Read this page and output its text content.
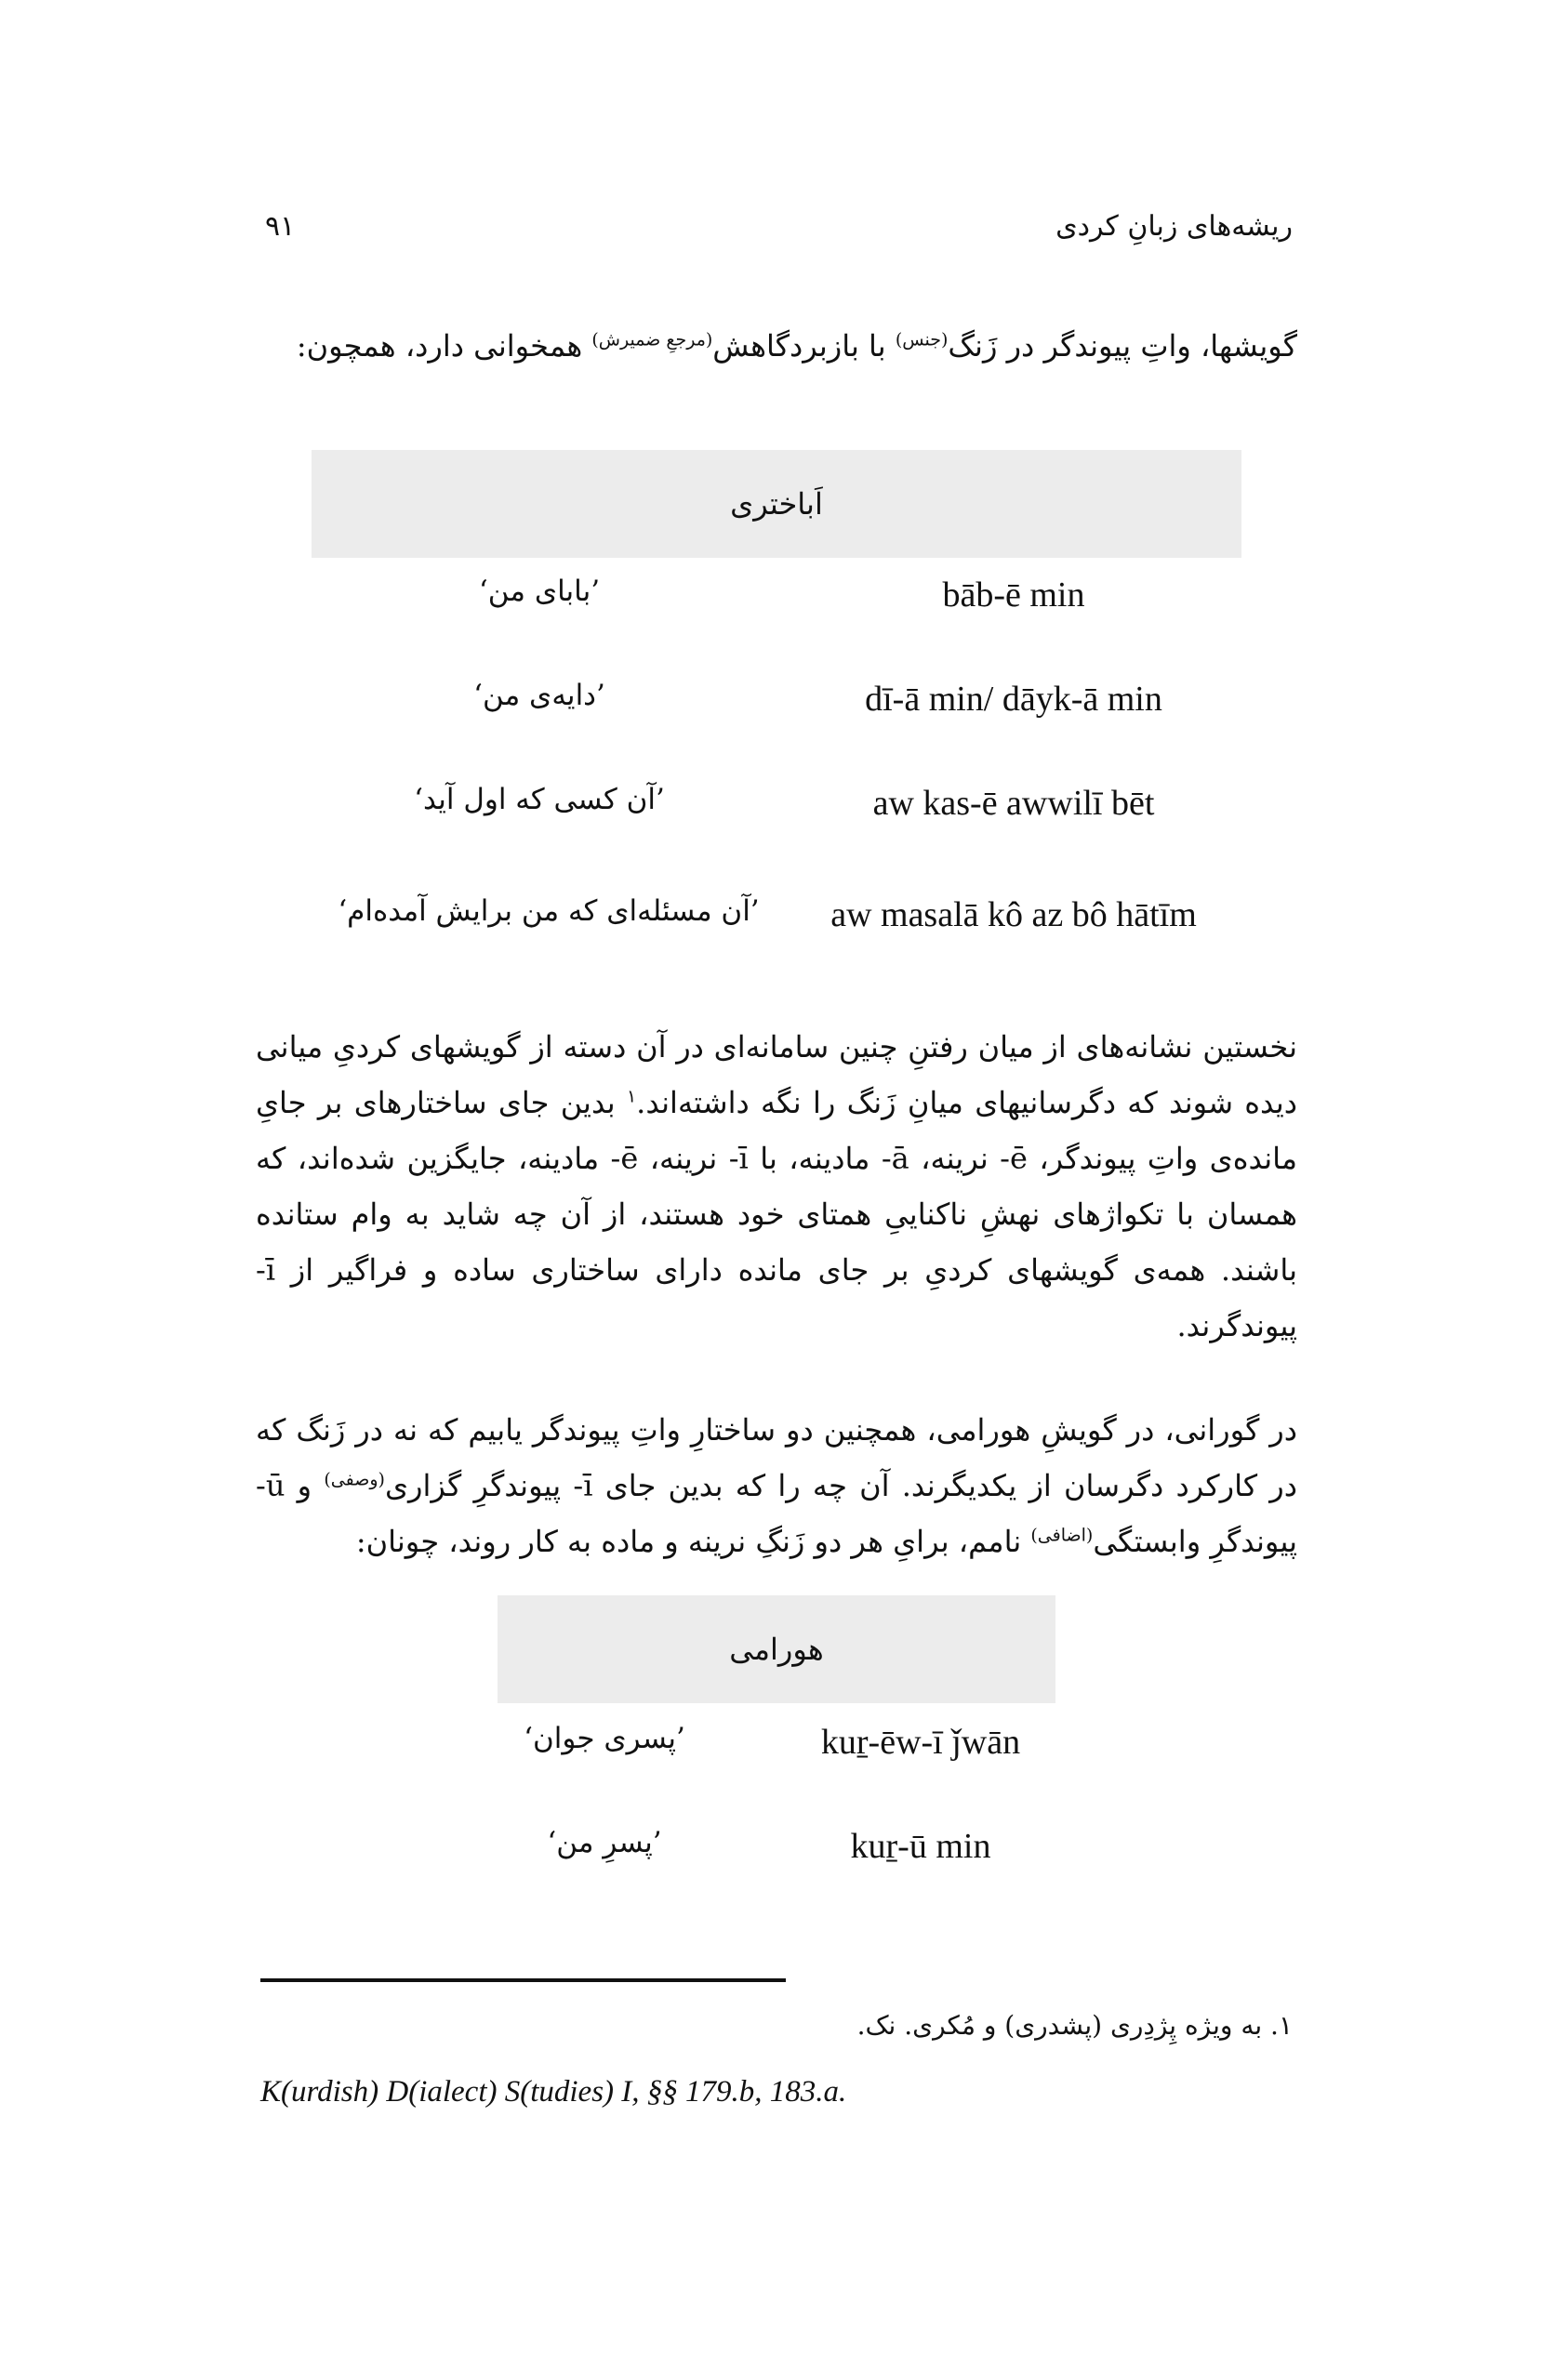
ریشه‌های زبانِ کردی
۹۱
گویشها، واتِ پیوندگر در زَنگ$^{(جنس)}$ با بازبردگاهش$^{(مرجعِ ضمیرش)}$ همخوانی دارد، همچون:
اَباختری
bāb-ē min
’بابای من‘
dī-ā min/ dāyk-ā min
’دایه‌ی من‘
aw kas-ē awwilī bēt
’آن کسی که اول آید‘
aw masalā kô az bô hātīm
’آن مسئله‌ای که من برایش آمده‌ام‘
نخستین نشانه‌های از میان رفتنِ چنین سامانه‌ای در آن دسته از گویشهای کردیِ میانی دیده شوند که دگرسانیهای میانِ زَنگ را نگه داشته‌اند.$^۱$ بدین جای ساختارهای بر جایِ مانده‌ی واتِ پیوندگر، ē- نرینه، ā- مادینه، با ī- نرینه، ē- مادینه، جایگزین شده‌اند، که همسان با تکواژهای نهشِ ناکناییِ همتای خود هستند، از آن چه شاید به وام ستانده باشند. همه‌ی گویشهای کردیِ بر جای مانده دارای ساختاری ساده و فراگیر از ī- پیوندگرند.
در گورانی، در گویشِ هورامی، همچنین دو ساختارِ واتِ پیوندگر یابیم که نه در زَنگ که در کارکرد دگرسان از یکدیگرند. آن چه را که بدین جای ī- پیوندگرِ گزاری$^{(وصفی)}$ و ū- پیوندگرِ وابستگی$^{(اضافی)}$ نامم، برایِ هر دو زَنگِ نرینه و ماده به کار روند، چونان:
هورامی
kuṟ-ēw-ī ǰwān
’پسری جوان‘
kuṟ-ū min
’پسرِ من‘
۱. به ویژه پِژدِری (پشدری) و مُکری. نک.
K(urdish) D(ialect) S(tudies) I, §§ 179.b, 183.a.
